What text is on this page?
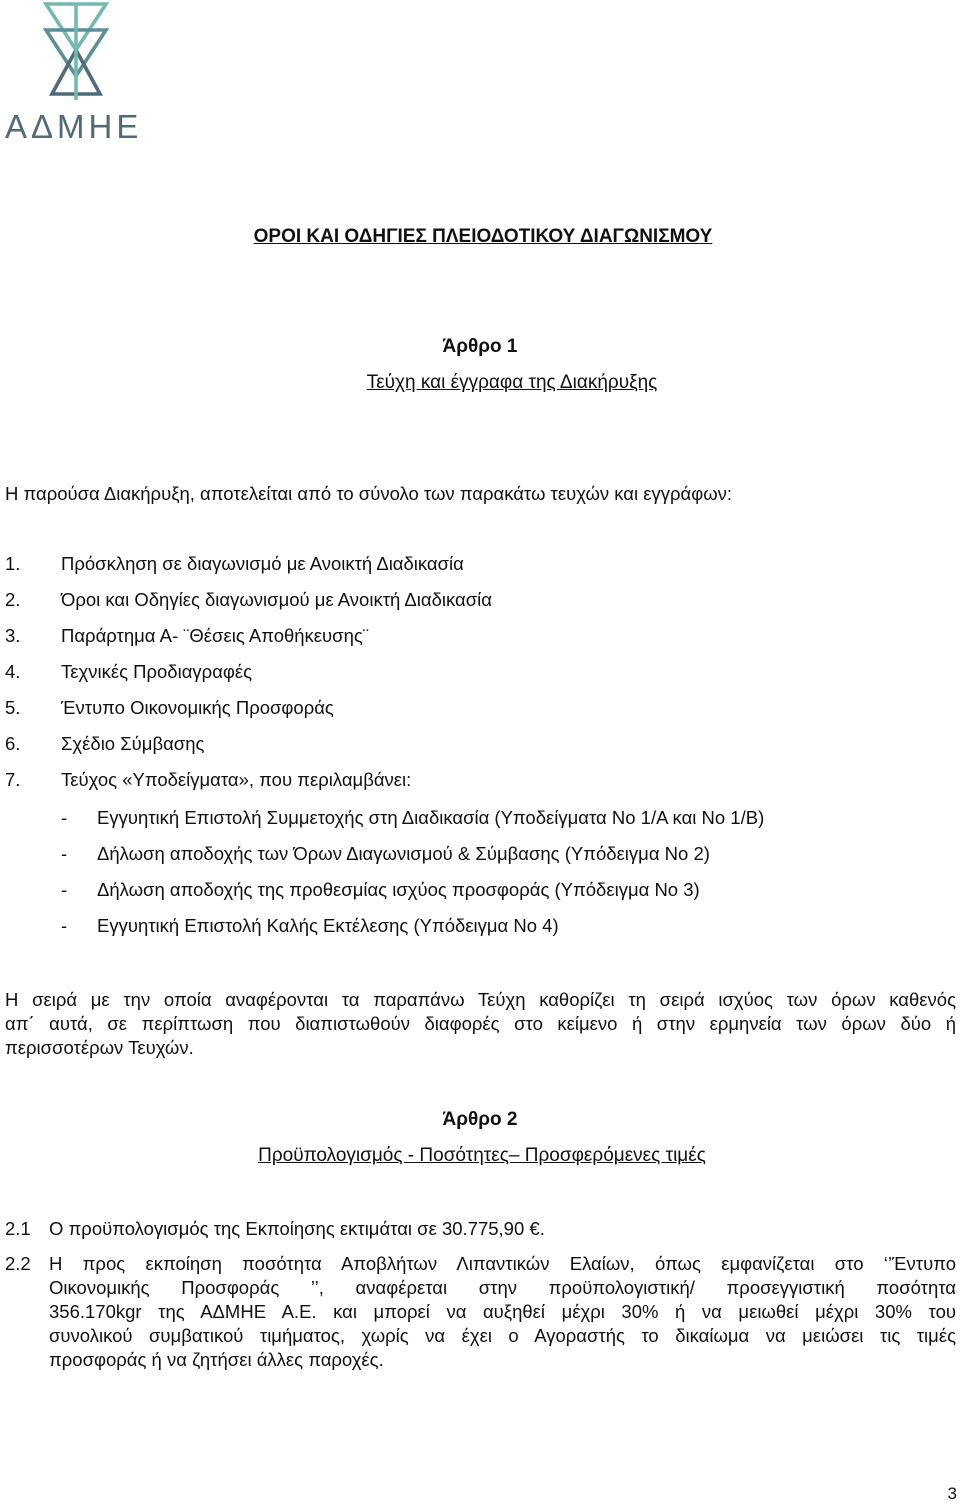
ΑΔΜΗΕ
ΟΡΟΙ ΚΑΙ ΟΔΗΓΙΕΣ ΠΛΕΙΟΔΟΤΙΚΟΥ ΔΙΑΓΩΝΙΣΜΟΥ
Άρθρο 1
Τεύχη και έγγραφα της Διακήρυξης
Η παρούσα Διακήρυξη, αποτελείται από το σύνολο των παρακάτω τευχών και εγγράφων:
1. Πρόσκληση σε διαγωνισμό με Ανοικτή Διαδικασία
2. Όροι και Οδηγίες διαγωνισμού με Ανοικτή Διαδικασία
3. Παράρτημα Α- ¨Θέσεις Αποθήκευσης¨
4. Τεχνικές Προδιαγραφές
5. Έντυπο Οικονομικής Προσφοράς
6. Σχέδιο Σύμβασης
7. Τεύχος «Υποδείγματα», που περιλαμβάνει:
- Εγγυητική Επιστολή Συμμετοχής στη Διαδικασία (Υποδείγματα Νο 1/Α και Νο 1/Β)
- Δήλωση αποδοχής των Όρων Διαγωνισμού & Σύμβασης (Υπόδειγμα Νο 2)
- Δήλωση αποδοχής της προθεσμίας ισχύος προσφοράς (Υπόδειγμα Νο 3)
- Εγγυητική Επιστολή Καλής Εκτέλεσης (Υπόδειγμα Νο 4)
Η σειρά με την οποία αναφέρονται τα παραπάνω Τεύχη καθορίζει τη σειρά ισχύος των όρων καθενός
απ΄ αυτά, σε περίπτωση που διαπιστωθούν διαφορές στο κείμενο ή στην ερμηνεία των όρων δύο ή
περισσοτέρων Τευχών.
Άρθρο 2
Προϋπολογισμός - Ποσότητες– Προσφερόμενες τιμές
2.1 Ο προϋπολογισμός της Εκποίησης εκτιμάται σε 30.775,90 €.
2.2 Η προς εκποίηση ποσότητα Αποβλήτων Λιπαντικών Ελαίων, όπως εμφανίζεται στο ‘’Έντυπο
Οικονομικής Προσφοράς ’’, αναφέρεται στην προϋπολογιστική/ προσεγγιστική ποσότητα
356.170kgr της ΑΔΜΗΕ Α.Ε. και μπορεί να αυξηθεί μέχρι 30% ή να μειωθεί μέχρι 30% του
συνολικού συμβατικού τιμήματος, χωρίς να έχει ο Αγοραστής το δικαίωμα να μειώσει τις τιμές
προσφοράς ή να ζητήσει άλλες παροχές.
3
